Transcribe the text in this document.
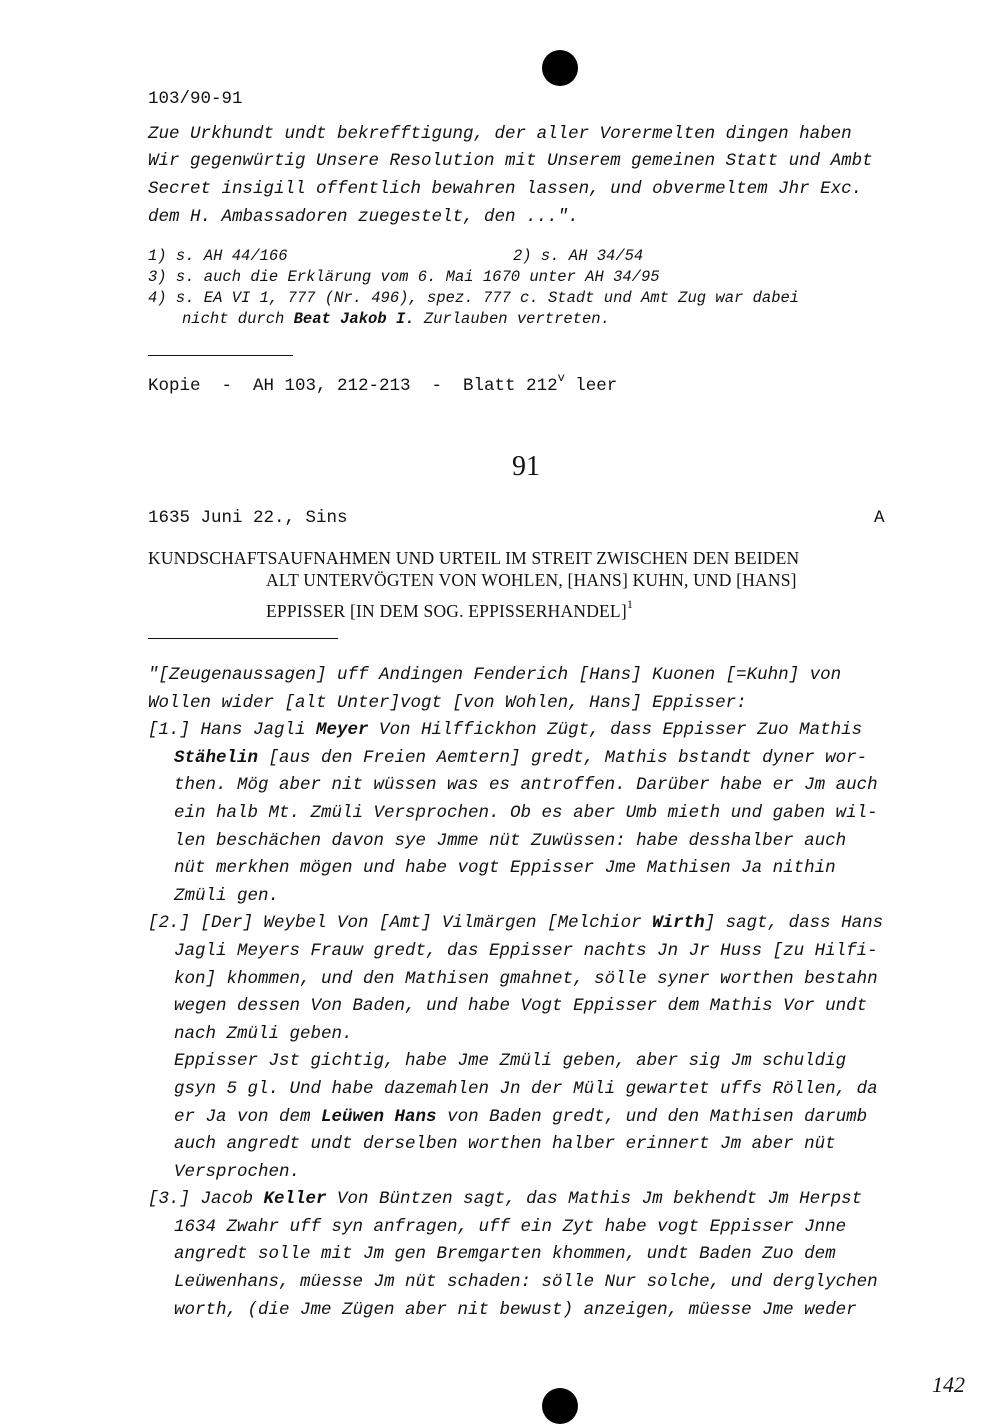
103/90-91
Zue Urkhundt undt bekrefftigung, der aller Vorermelten dingen haben
Wir gegenwürtig Unsere Resolution mit Unserem gemeinen Statt und Ambt
Secret insigill offentlich bewahren lassen, und obvermeltem Jhr Exc.
dem H. Ambassadoren zuegestelt, den ...".
1) s. AH 44/166	2) s. AH 34/54
3) s. auch die Erklärung vom 6. Mai 1670 unter AH 34/95
4) s. EA VI 1, 777 (Nr. 496), spez. 777 c. Stadt und Amt Zug war dabei
nicht durch Beat Jakob I. Zurlauben vertreten.
Kopie  -  AH 103, 212-213  -  Blatt 212$^v$ leer
91
1635 Juni 22., Sins	A
KUNDSCHAFTSAUFNAHMEN UND URTEIL IM STREIT ZWISCHEN DEN BEIDEN
ALT UNTERVÖGTEN VON WOHLEN, [HANS] KUHN, UND [HANS]
EPPISSER [IN DEM SOG. EPPISSERHANDEL]$^1$
"[Zeugenaussagen] uff Andingen Fenderich [Hans] Kuonen [=Kuhn] von
Wollen wider [alt Unter]vogt [von Wohlen, Hans] Eppisser:
[1.] Hans Jagli Meyer Von Hilffickhon Zügt, dass Eppisser Zuo Mathis
Stähelin [aus den Freien Aemtern] gredt, Mathis bstandt dyner wor-
then. Mög aber nit wüssen was es antroffen. Darüber habe er Jm auch
ein halb Mt. Zmüli Versprochen. Ob es aber Umb mieth und gaben wil-
len beschächen davon sye Jmme nüt Zuwüssen: habe desshalber auch
nüt merkhen mögen und habe vogt Eppisser Jme Mathisen Ja nithin
Zmüli gen.
[2.] [Der] Weybel Von [Amt] Vilmärgen [Melchior Wirth] sagt, dass Hans
Jagli Meyers Frauw gredt, das Eppisser nachts Jn Jr Huss [zu Hilfi-
kon] khommen, und den Mathisen gmahnet, sölle syner worthen bestahn
wegen dessen Von Baden, und habe Vogt Eppisser dem Mathis Vor undt
nach Zmüli geben.
Eppisser Jst gichtig, habe Jme Zmüli geben, aber sig Jm schuldig
gsyn 5 gl. Und habe dazemahlen Jn der Müli gewartet uffs Röllen, da
er Ja von dem Leüwen Hans von Baden gredt, und den Mathisen darumb
auch angredt undt derselben worthen halber erinnert Jm aber nüt
Versprochen.
[3.] Jacob Keller Von Büntzen sagt, das Mathis Jm bekhendt Jm Herpst
1634 Zwahr uff syn anfragen, uff ein Zyt habe vogt Eppisser Jnne
angredt solle mit Jm gen Bremgarten khommen, undt Baden Zuo dem
Leüwenhans, müesse Jm nüt schaden: sölle Nur solche, und derglychen
worth, (die Jme Zügen aber nit bewust) anzeigen, müesse Jme weder
142
